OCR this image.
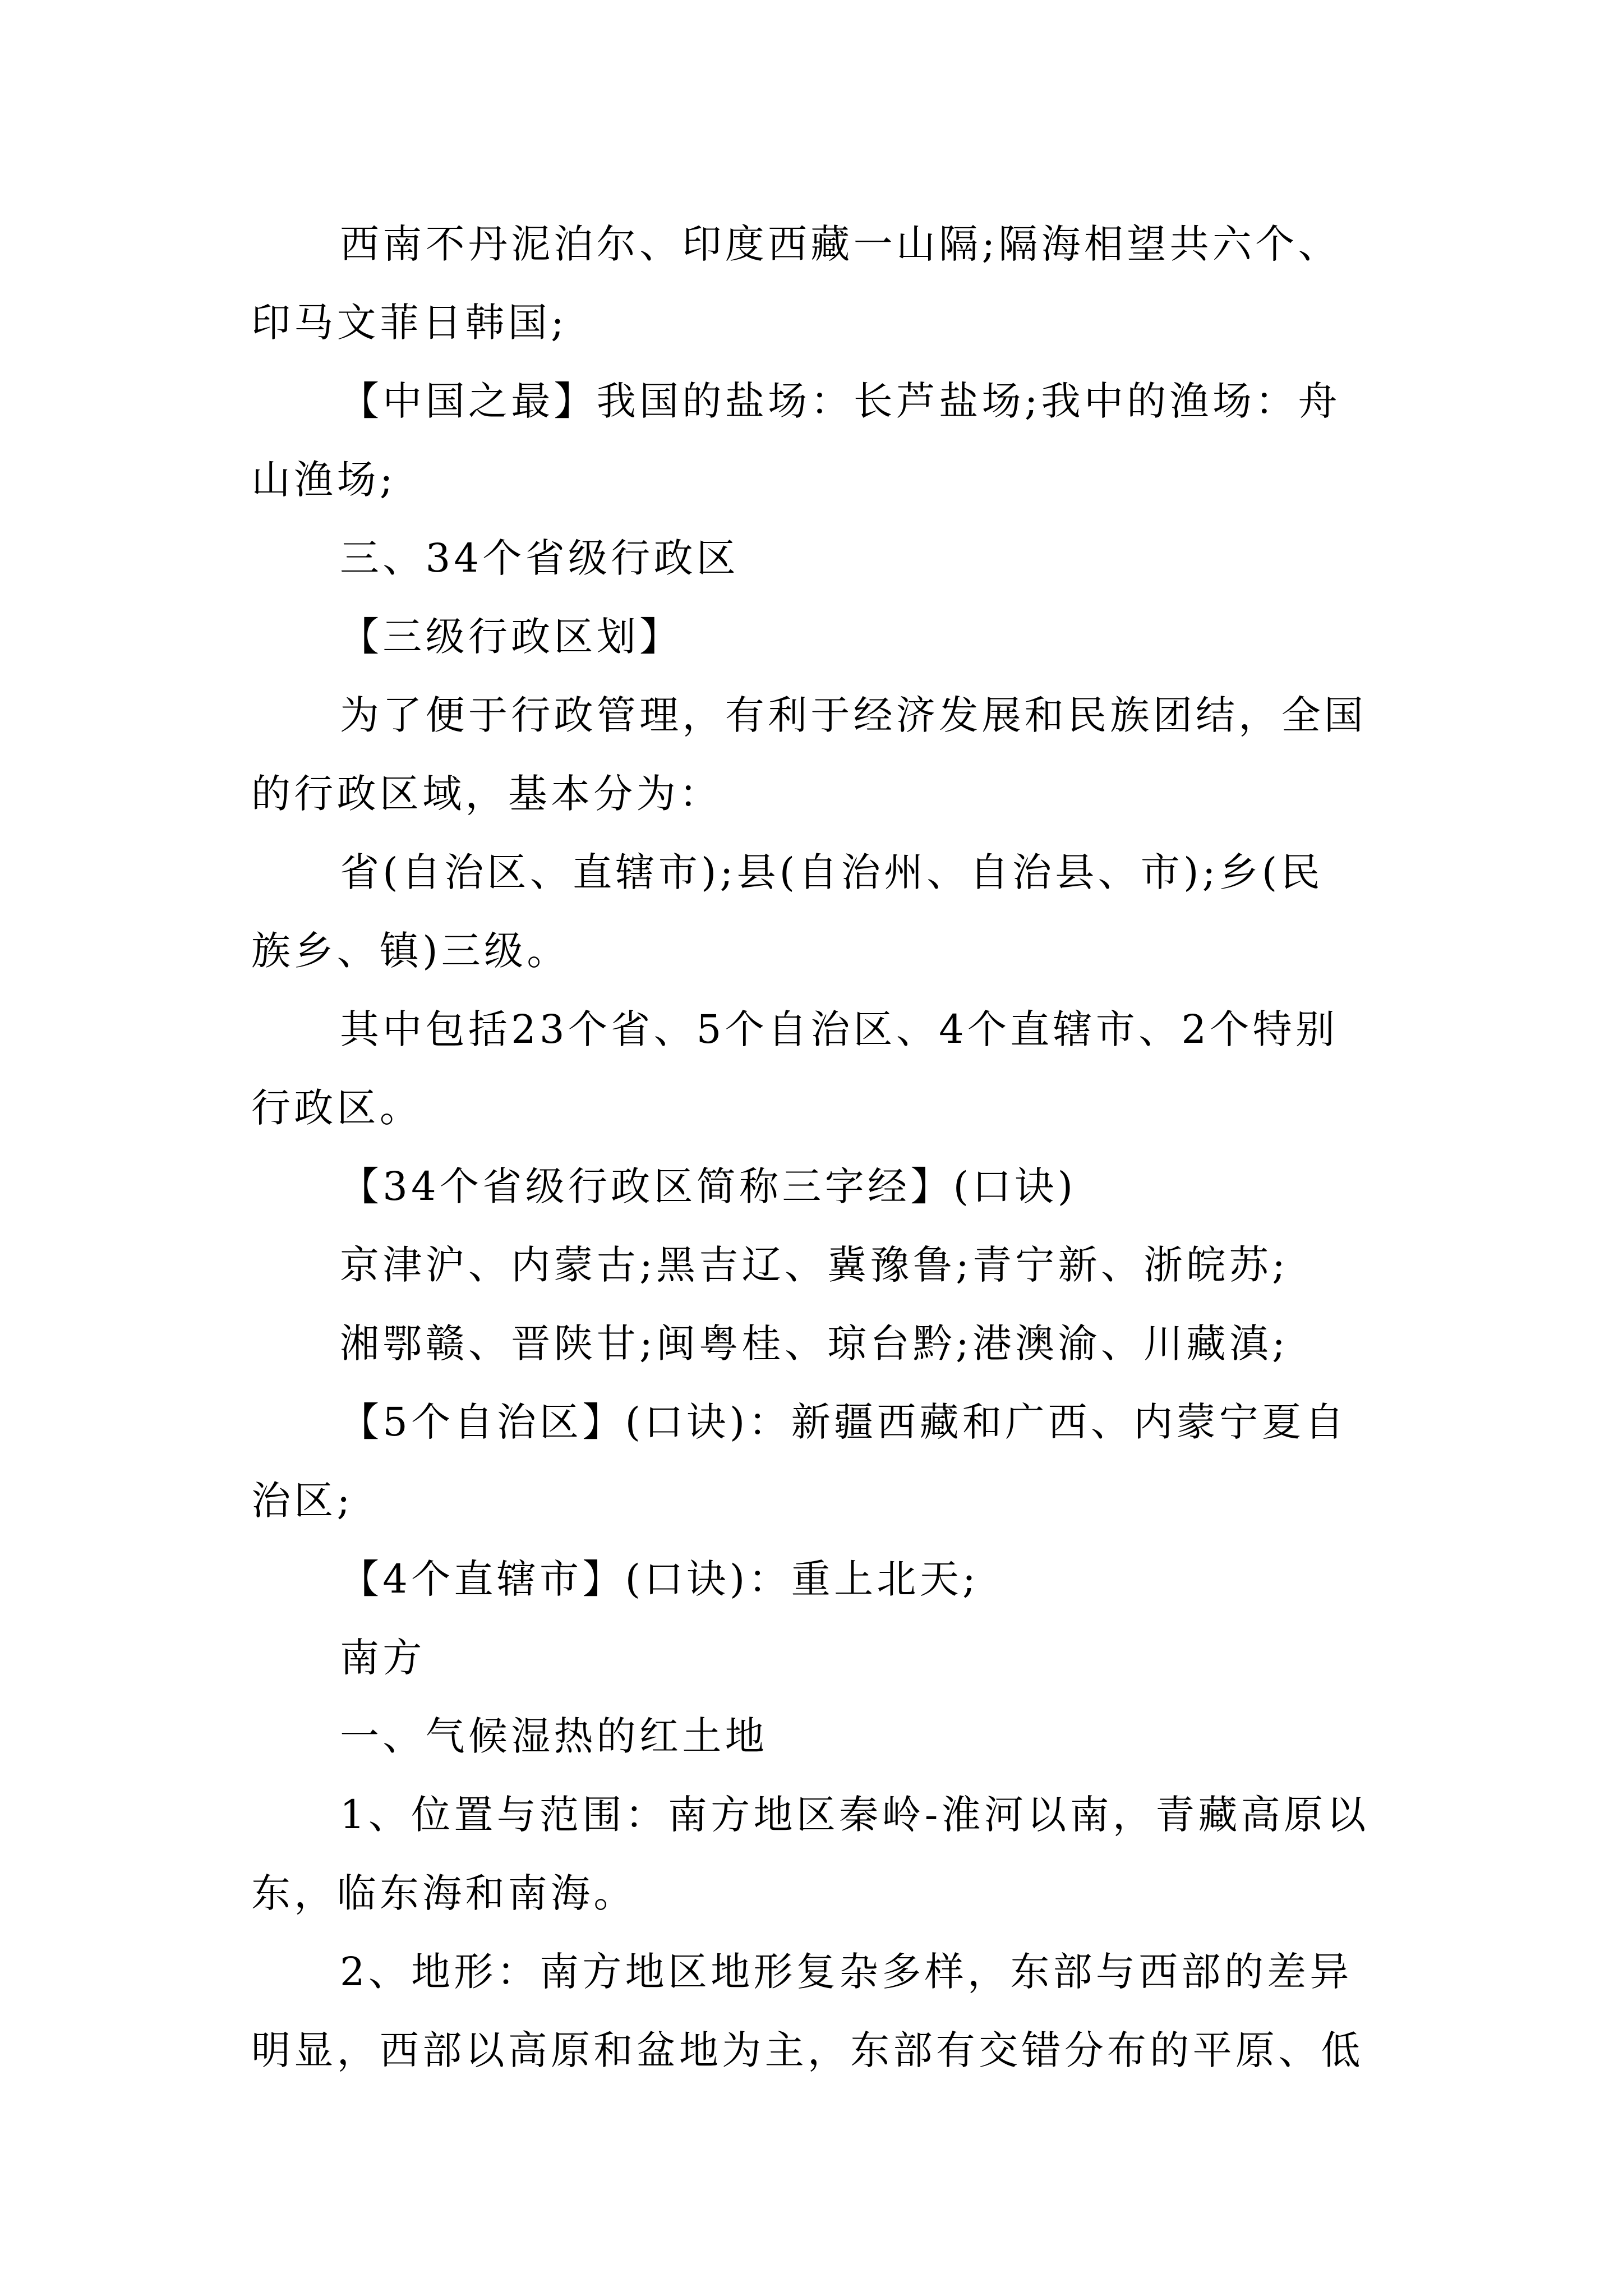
西南不丹泥泊尔、印度西藏一山隔;隔海相望共六个、
印马文菲日韩国;
【中国之最】我国的盐场：长芦盐场;我中的渔场：舟
山渔场;
三、34个省级行政区
【三级行政区划】
为了便于行政管理，有利于经济发展和民族团结，全国
的行政区域，基本分为：
省(自治区、直辖市);县(自治州、自治县、市);乡(民
族乡、镇)三级。
其中包括23个省、5个自治区、4个直辖市、2个特别
行政区。
【34个省级行政区简称三字经】(口诀)
京津沪、内蒙古;黑吉辽、冀豫鲁;青宁新、浙皖苏;
湘鄂赣、晋陕甘;闽粤桂、琼台黔;港澳渝、川藏滇;
【5个自治区】(口诀)：新疆西藏和广西、内蒙宁夏自
治区;
【4个直辖市】(口诀)：重上北天;
南方
一、气候湿热的红土地
1、位置与范围：南方地区秦岭-淮河以南，青藏高原以
东，临东海和南海。
2、地形：南方地区地形复杂多样，东部与西部的差异
明显，西部以高原和盆地为主，东部有交错分布的平原、低
